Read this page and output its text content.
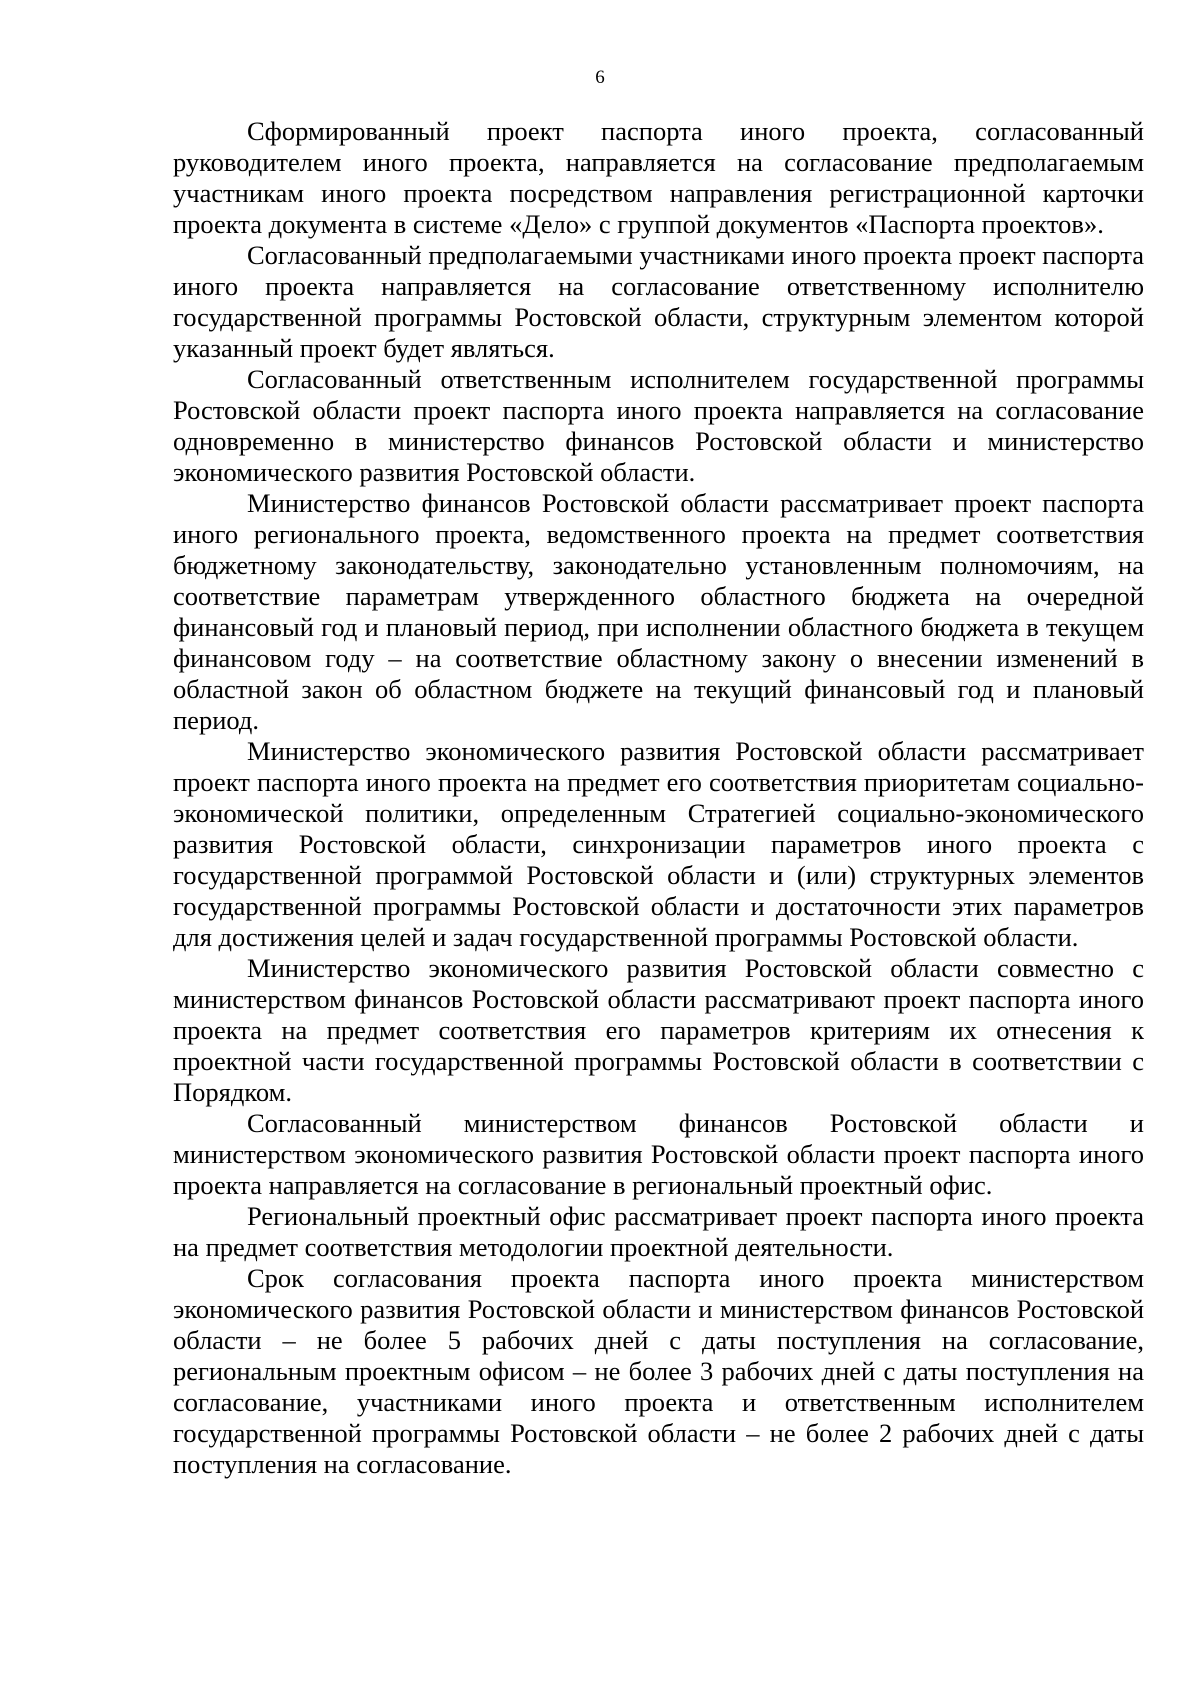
6

Сформированный проект паспорта иного проекта, согласованный руководителем иного проекта, направляется на согласование предполагаемым участникам иного проекта посредством направления регистрационной карточки проекта документа в системе «Дело» с группой документов «Паспорта проектов».

Согласованный предполагаемыми участниками иного проекта проект паспорта иного проекта направляется на согласование ответственному исполнителю государственной программы Ростовской области, структурным элементом которой указанный проект будет являться.

Согласованный ответственным исполнителем государственной программы Ростовской области проект паспорта иного проекта направляется на согласование одновременно в министерство финансов Ростовской области и министерство экономического развития Ростовской области.

Министерство финансов Ростовской области рассматривает проект паспорта иного регионального проекта, ведомственного проекта на предмет соответствия бюджетному законодательству, законодательно установленным полномочиям, на соответствие параметрам утвержденного областного бюджета на очередной финансовый год и плановый период, при исполнении областного бюджета в текущем финансовом году – на соответствие областному закону о внесении изменений в областной закон об областном бюджете на текущий финансовый год и плановый период.

Министерство экономического развития Ростовской области рассматривает проект паспорта иного проекта на предмет его соответствия приоритетам социально-экономической политики, определенным Стратегией социально-экономического развития Ростовской области, синхронизации параметров иного проекта с государственной программой Ростовской области и (или) структурных элементов государственной программы Ростовской области и достаточности этих параметров для достижения целей и задач государственной программы Ростовской области.

Министерство экономического развития Ростовской области совместно с министерством финансов Ростовской области рассматривают проект паспорта иного проекта на предмет соответствия его параметров критериям их отнесения к проектной части государственной программы Ростовской области в соответствии с Порядком.

Согласованный министерством финансов Ростовской области и министерством экономического развития Ростовской области проект паспорта иного проекта направляется на согласование в региональный проектный офис.

Региональный проектный офис рассматривает проект паспорта иного проекта на предмет соответствия методологии проектной деятельности.

Срок согласования проекта паспорта иного проекта министерством экономического развития Ростовской области и министерством финансов Ростовской области – не более 5 рабочих дней с даты поступления на согласование, региональным проектным офисом – не более 3 рабочих дней с даты поступления на согласование, участниками иного проекта и ответственным исполнителем государственной программы Ростовской области – не более 2 рабочих дней с даты поступления на согласование.
